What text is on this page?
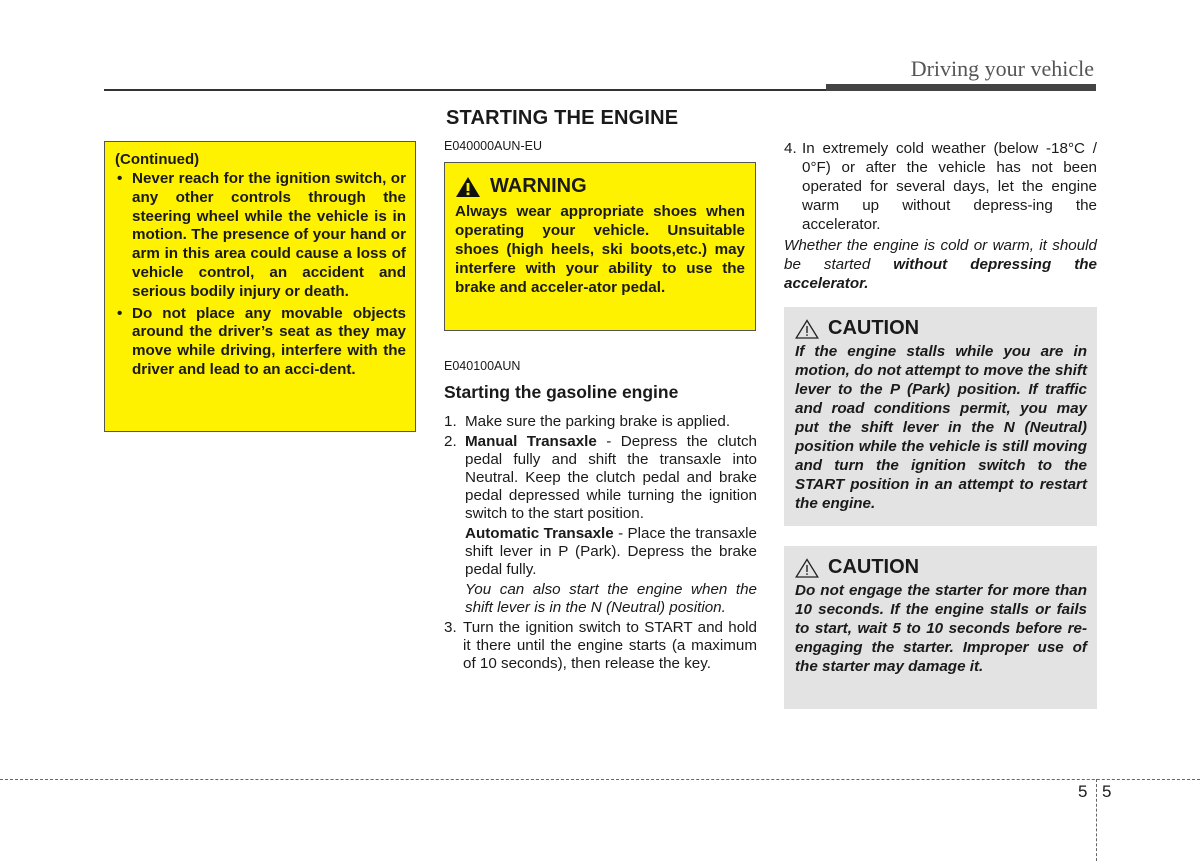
Driving your vehicle
(Continued)
• Never reach for the ignition switch, or any other controls through the steering wheel while the vehicle is in motion. The presence of your hand or arm in this area could cause a loss of vehicle control, an accident and serious bodily injury or death.
• Do not place any movable objects around the driver’s seat as they may move while driving, interfere with the driver and lead to an acci-dent.
STARTING THE ENGINE
E040000AUN-EU
WARNING
Always wear appropriate shoes when operating your vehicle. Unsuitable shoes (high heels, ski boots,etc.) may interfere with your ability to use the brake and acceler-ator pedal.
E040100AUN
Starting the gasoline engine
1. Make sure the parking brake is applied.

2. Manual Transaxle - Depress the clutch pedal fully and shift the transaxle into Neutral. Keep the clutch pedal and brake pedal depressed while turning the ignition switch to the start position.

Automatic Transaxle - Place the transaxle shift lever in P (Park). Depress the brake pedal fully.

You can also start the engine when the shift lever is in the N (Neutral) position.

3. Turn the ignition switch to START and hold it there until the engine starts (a maximum of 10 seconds), then release the key.

4. In extremely cold weather (below -18°C / 0°F) or after the vehicle has not been operated for several days, let the engine warm up without depress-ing the accelerator.

Whether the engine is cold or warm, it should be started without depressing the accelerator.

CAUTION
If the engine stalls while you are in motion, do not attempt to move the shift lever to the P (Park) position. If traffic and road conditions permit, you may put the shift lever in the N (Neutral) position while the vehicle is still moving and turn the ignition switch to the START position in an attempt to restart the engine.
CAUTION
Do not engage the starter for more than 10 seconds. If the engine stalls or fails to start, wait 5 to 10 seconds before re-engaging the starter. Improper use of the starter may damage it.
5 5
